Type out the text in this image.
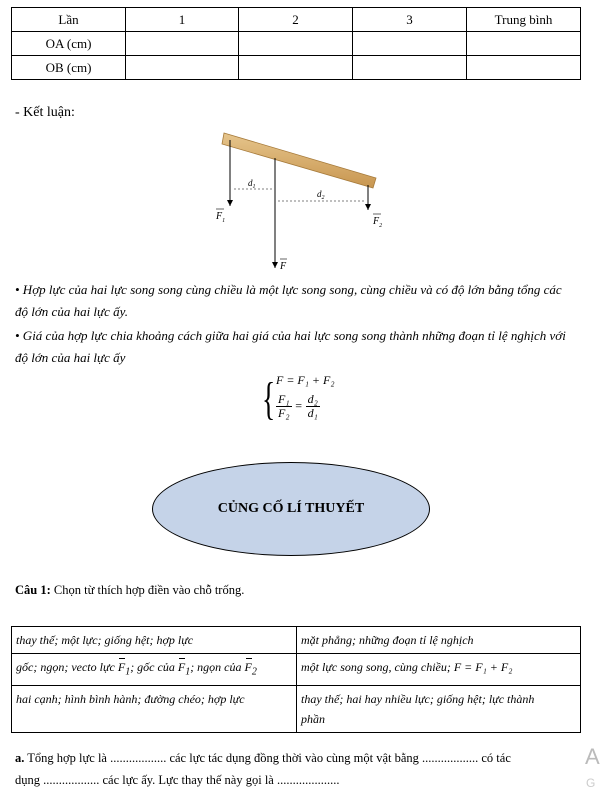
Lần	1	2	3	Trung bình
OA (cm)				
OB (cm)				
- Kết luận:
$d_1$
$d_2$
$F_1$	$F_2$
F
• Hợp lực của hai lực song song cùng chiều là một lực song song, cùng chiều và có độ lớn bằng tổng các
độ lớn của hai lực ấy.
• Giá của hợp lực chia khoảng cách giữa hai giá của hai lực song song thành những đoạn tỉ lệ nghịch với
độ lớn của hai lực ấy
{ F = F₁ + F₂
$\frac{\text{F₁}}{\text{F₂}} = \frac{\text{d₂}}{\text{d₁}}$
CỦNG CỐ LÍ THUYẾT
Câu 1: Chọn từ thích hợp điền vào chỗ trống.
thay thế; một lực; giống hệt; hợp lực	mặt phẳng; những đoạn tỉ lệ nghịch
gốc; ngọn; vecto lực $F_1$; gốc của $F_1$; ngọn của $F_2$	một lực song song, cùng chiều; F = F₁ + F₂
hai cạnh; hình bình hành; đường chéo; hợp lực	thay thế; hai hay nhiều lực; giống hệt; lực thành
phần
a. Tổng hợp lực là .................. các lực tác dụng đồng thời vào cùng một vật bằng .................. có tác
dụng .................. các lực ấy. Lực thay thế này gọi là ....................
A
G
